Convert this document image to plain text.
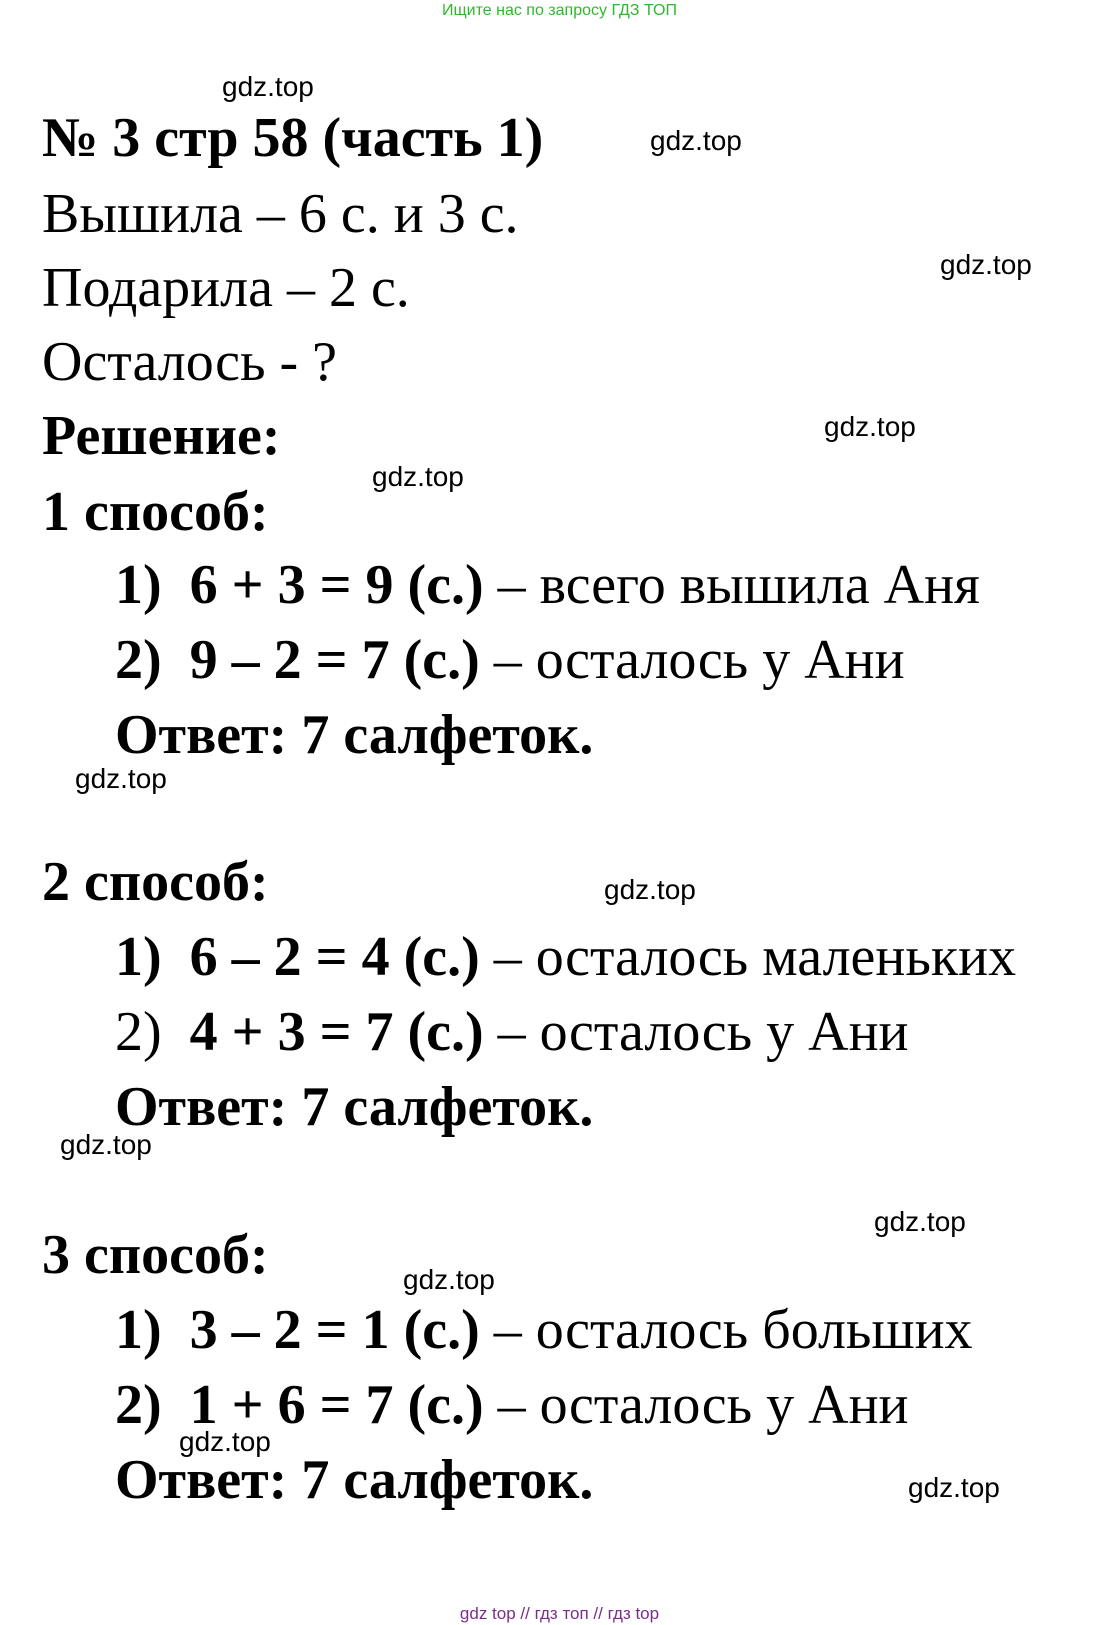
Ищите нас по запросу ГДЗ ТОП
gdz.top
gdz.top
gdz.top
gdz.top
gdz.top
gdz.top
gdz.top
gdz.top
gdz.top
gdz.top
gdz.top
gdz.top
№ 3 стр 58 (часть 1)
Вышила – 6 с. и 3 с.
Подарила – 2 с.
Осталось - ?
Решение:
1 способ:
1) 6 + 3 = 9 (с.) – всего вышила Аня
2) 9 – 2 = 7 (с.) – осталось у Ани
Ответ: 7 салфеток.
2 способ:
1) 6 – 2 = 4 (с.) – осталось маленьких
2) 4 + 3 = 7 (с.) – осталось у Ани
Ответ: 7 салфеток.
3 способ:
1) 3 – 2 = 1 (с.) – осталось больших
2) 1 + 6 = 7 (с.) – осталось у Ани
Ответ: 7 салфеток.
gdz top // гдз топ // гдз top
